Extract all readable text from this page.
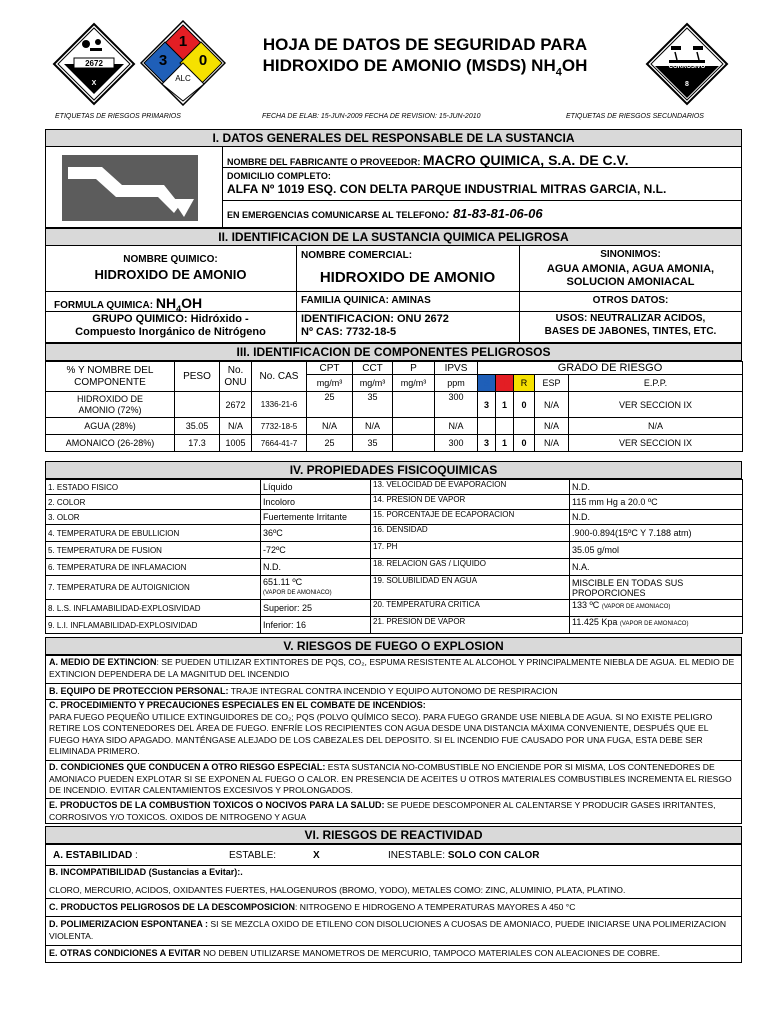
2672
X
1
3	0
ALC
HOJA DE DATOS DE SEGURIDAD PARA
HIDROXIDO DE AMONIO (MSDS) $NH_4OH$	CORROSIVO
8
ETIQUETAS DE RIESGOS PRIMARIOS	FECHA DE ELAB: 15-JUN-2009 FECHA DE REVISION: 15-JUN-2010	ETIQUETAS DE RIESGOS SECUNDARIOS
I. DATOS GENERALES DEL RESPONSABLE DE LA SUSTANCIA
NOMBRE DEL FABRICANTE O PROVEEDOR: MACRO QUIMICA, S.A. DE C.V.
DOMICILIO COMPLETO:
ALFA Nº 1019 ESQ. CON DELTA PARQUE INDUSTRIAL MITRAS GARCIA, N.L.
EN EMERGENCIAS COMUNICARSE AL TELEFONO: 81-83-81-06-06
II. IDENTIFICACION DE LA SUSTANCIA QUIMICA PELIGROSA
NOMBRE QUIMICO:
HIDROXIDO DE AMONIO
NOMBRE COMERCIAL:
HIDROXIDO DE AMONIO
SINONIMOS:
AGUA AMONIA, AGUA AMONIA,
SOLUCION AMONIACAL
FORMULA QUIMICA: $NH_4OH$	FAMILIA QUINICA: AMINAS	OTROS DATOS:
GRUPO QUIMICO: Hidróxido -
Compuesto Inorgánico de Nitrógeno
IDENTIFICACION: ONU 2672
Nº CAS: 7732-18-5
USOS: NEUTRALIZAR ACIDOS,
BASES DE JABONES, TINTES, ETC.
III. IDENTIFICACION DE COMPONENTES PELIGROSOS
% Y NOMBRE DEL
COMPONENTE	PESO	No.
ONU	No. CAS	CPT	CCT	P	IPVS	GRADO DE RIESGO				
				mg/m³	mg/m³	mg/m³	ppm	S	I	R	ESP	E.P.P.
HIDROXIDO DE
AMONIO (72%)		2672	1336-21-6	25	35		300	3	1	0	N/A	VER SECCION IX
AGUA (28%)	35.05	N/A	7732-18-5	N/A	N/A		N/A				N/A	N/A
AMONAICO (26-28%)	17.3	1005	7664-41-7	25	35		300	3	1	0	N/A	VER SECCION IX
IV. PROPIEDADES FISICOQUIMICAS
1. ESTADO FISICO	Líquido	13. VELOCIDAD DE EVAPORACION	N.D.
2. COLOR	Incoloro	14. PRESION DE VAPOR	115 mm Hg a 20.0 ºC
3. OLOR	Fuertemente Irritante	15. PORCENTAJE DE ECAPORACION	N.D.
4. TEMPERATURA DE EBULLICION	36ºC	16. DENSIDAD	.900-0.894(15ºC Y 7.188 atm)
5. TEMPERATURA DE FUSION	-72ºC	17. PH	35.05 g/mol
6. TEMPERATURA DE INFLAMACION	N.D.	18. RELACION GAS / LIQUIDO	N.A.
7. TEMPERATURA DE AUTOIGNICION	651.11 ºC
(VAPOR DE AMONIACO)	19. SOLUBILIDAD EN AGUA	MISCIBLE EN TODAS SUS
PROPORCIONES
8. L.S. INFLAMABILIDAD-EXPLOSIVIDAD	Superior: 25	20. TEMPERATURA CRITICA	133 ºC (VAPOR DE AMONIACO)
9. L.I. INFLAMABILIDAD-EXPLOSIVIDAD	Inferior: 16	21. PRESION DE VAPOR	11.425 Kpa (VAPOR DE AMONIACO)
V. RIESGOS DE FUEGO O EXPLOSION
A. MEDIO DE EXTINCION: SE PUEDEN UTILIZAR EXTINTORES DE PQS, CO₂, ESPUMA RESISTENTE AL ALCOHOL Y PRINCIPALMENTE NIEBLA DE AGUA. EL MEDIO DE EXTINCION DEPENDERA DE LA MAGNITUD DEL INCENDIO
B. EQUIPO DE PROTECCION PERSONAL: TRAJE INTEGRAL CONTRA INCENDIO Y EQUIPO AUTONOMO DE RESPIRACION
C. PROCEDIMIENTO Y PRECAUCIONES ESPECIALES EN EL COMBATE DE INCENDIOS:
PARA FUEGO PEQUEÑO UTILICE EXTINGUIDORES DE CO₂; PQS (POLVO QUÍMICO SECO). PARA FUEGO GRANDE USE NIEBLA DE AGUA. SI NO EXISTE PELIGRO RETIRE LOS CONTENEDORES DEL ÁREA DE FUEGO. ENFRÍE LOS RECIPIENTES CON AGUA DESDE UNA DISTANCIA MÁXIMA CONVENIENTE, DESPUÉS QUE EL FUEGO HAYA SIDO APAGADO. MANTÉNGASE ALEJADO DE LOS CABEZALES DEL DEPOSITO. SI EL INCENDIO FUE CAUSADO POR UNA FUGA, ESTA DEBE SER ELIMINADA PRIMERO.
D. CONDICIONES QUE CONDUCEN A OTRO RIESGO ESPECIAL: ESTA SUSTANCIA NO-COMBUSTIBLE NO ENCIENDE POR SI MISMA, LOS CONTENEDORES DE AMONIACO PUEDEN EXPLOTAR SI SE EXPONEN AL FUEGO O CALOR. EN PRESENCIA DE ACEITES U OTROS MATERIALES COMBUSTIBLES INCREMENTA EL RIESGO DE INCENDIO. EVITAR CALENTAMIENTOS EXCESIVOS Y PROLONGADOS.
E. PRODUCTOS DE LA COMBUSTION TOXICOS O NOCIVOS PARA LA SALUD: SE PUEDE DESCOMPONER AL CALENTARSE Y PRODUCIR GASES IRRITANTES, CORROSIVOS Y/O TOXICOS. OXIDOS DE NITROGENO Y AGUA
VI. RIESGOS DE REACTIVIDAD
A. ESTABILIDAD :	ESTABLE:	X	INESTABLE: SOLO CON CALOR
B. INCOMPATIBILIDAD (Sustancias a Evitar):.
CLORO, MERCURIO, ACIDOS, OXIDANTES FUERTES, HALOGENUROS (BROMO, YODO), METALES COMO: ZINC, ALUMINIO, PLATA, PLATINO.
C. PRODUCTOS PELIGROSOS DE LA DESCOMPOSICION: NITROGENO E HIDROGENO A TEMPERATURAS MAYORES A 450 °C
D. POLIMERIZACION ESPONTANEA : SI SE MEZCLA OXIDO DE ETILENO CON DISOLUCIONES A CUOSAS DE AMONIACO, PUEDE INICIARSE UNA POLIMERIZACION VIOLENTA.
E. OTRAS CONDICIONES A EVITAR NO DEBEN UTILIZARSE MANOMETROS DE MERCURIO, TAMPOCO MATERIALES CON ALEACIONES DE COBRE.
